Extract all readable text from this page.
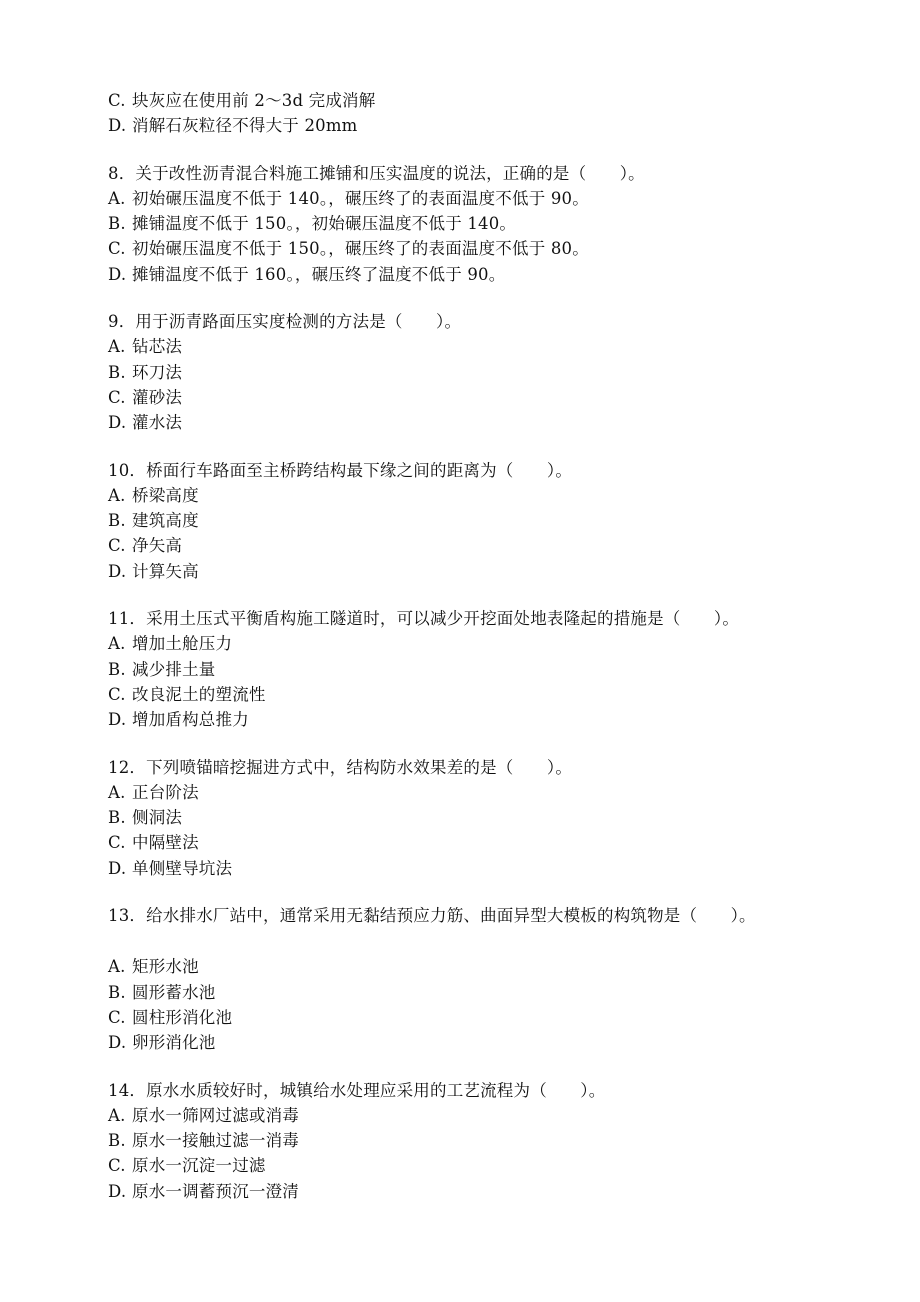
C. 块灰应在使用前 2～3d 完成消解
D. 消解石灰粒径不得大于 20mm
8．关于改性沥青混合料施工摊铺和压实温度的说法，正确的是（　　）。
A. 初始碾压温度不低于 140。，碾压终了的表面温度不低于 90。
B. 摊铺温度不低于 150。，初始碾压温度不低于 140。
C. 初始碾压温度不低于 150。，碾压终了的表面温度不低于 80。
D. 摊铺温度不低于 160。，碾压终了温度不低于 90。
9．用于沥青路面压实度检测的方法是（　　）。
A. 钻芯法
B. 环刀法
C. 灌砂法
D. 灌水法
10．桥面行车路面至主桥跨结构最下缘之间的距离为（　　）。
A. 桥梁高度
B. 建筑高度
C. 净矢高
D. 计算矢高
11．采用土压式平衡盾构施工隧道时，可以减少开挖面处地表隆起的措施是（　　）。
A. 增加土舱压力
B. 减少排土量
C. 改良泥土的塑流性
D. 增加盾构总推力
12．下列喷锚暗挖掘进方式中，结构防水效果差的是（　　）。
A. 正台阶法
B. 侧洞法
C. 中隔壁法
D. 单侧壁导坑法
13．给水排水厂站中，通常采用无黏结预应力筋、曲面异型大模板的构筑物是（　　）。
A. 矩形水池
B. 圆形蓄水池
C. 圆柱形消化池
D. 卵形消化池
14．原水水质较好时，城镇给水处理应采用的工艺流程为（　　）。
A. 原水一筛网过滤或消毒
B. 原水一接触过滤一消毒
C. 原水一沉淀一过滤
D. 原水一调蓄预沉一澄清
